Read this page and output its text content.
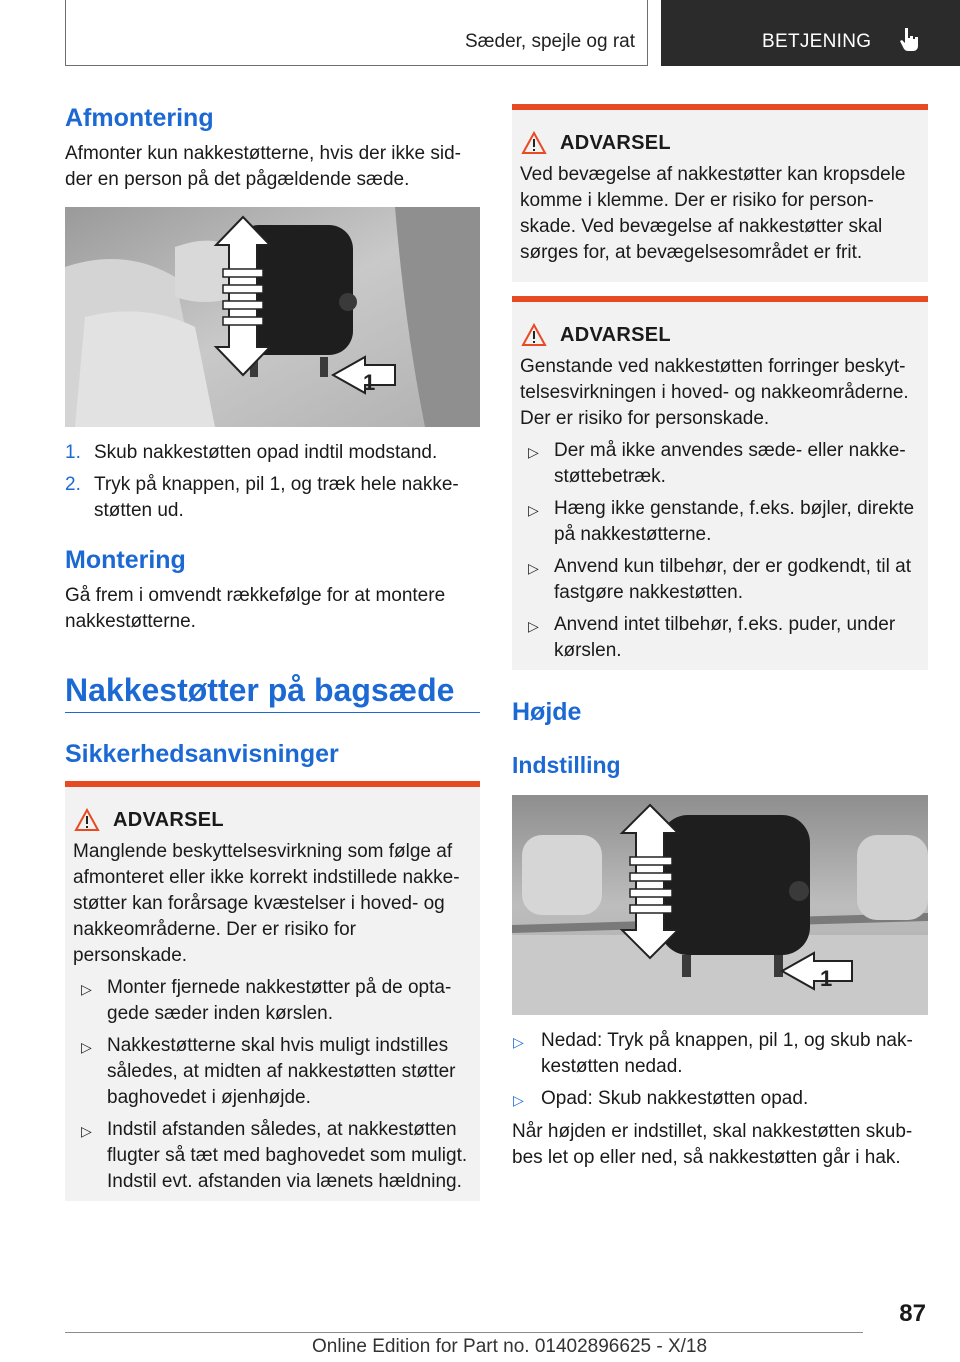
Sæder, spejle og rat	BETJENING
Afmontering
Afmonter kun nakkestøtterne, hvis der ikke sidder en person på det pågældende sæde.
1
1. Skub nakkestøtten opad indtil modstand.
2. Tryk på knappen, pil 1, og træk hele nakkestøtten ud.
Montering
Gå frem i omvendt rækkefølge for at montere nakkestøtterne.
Nakkestøtter på bagsæde
Sikkerhedsanvisninger
ADVARSEL
Manglende beskyttelsesvirkning som følge af afmonteret eller ikke korrekt indstillede nakkestøtter kan forårsage kvæstelser i hoved- og nakkeområderne. Der er risiko for personskade.
▷ Monter fjernede nakkestøtter på de optagede sæder inden kørslen.
▷ Nakkestøtterne skal hvis muligt indstilles således, at midten af nakkestøtten støtter baghovedet i øjenhøjde.
▷ Indstil afstanden således, at nakkestøtten flugter så tæt med baghovedet som muligt. Indstil evt. afstanden via lænets hældning.
ADVARSEL
Ved bevægelse af nakkestøtter kan kropsdele komme i klemme. Der er risiko for personskade. Ved bevægelse af nakkestøtter skal sørges for, at bevægelsesområdet er frit.
ADVARSEL
Genstande ved nakkestøtten forringer beskyttelsesvirkningen i hoved- og nakkeområderne. Der er risiko for personskade.
▷ Der må ikke anvendes sæde- eller nakkestøttebetræk.
▷ Hæng ikke genstande, f.eks. bøjler, direkte på nakkestøtterne.
▷ Anvend kun tilbehør, der er godkendt, til at fastgøre nakkestøtten.
▷ Anvend intet tilbehør, f.eks. puder, under kørslen.
Højde
Indstilling
1
▷ Nedad: Tryk på knappen, pil 1, og skub nakkestøtten nedad.
▷ Opad: Skub nakkestøtten opad.
Når højden er indstillet, skal nakkestøtten skubbes let op eller ned, så nakkestøtten går i hak.
87
Online Edition for Part no. 01402896625 - X/18
